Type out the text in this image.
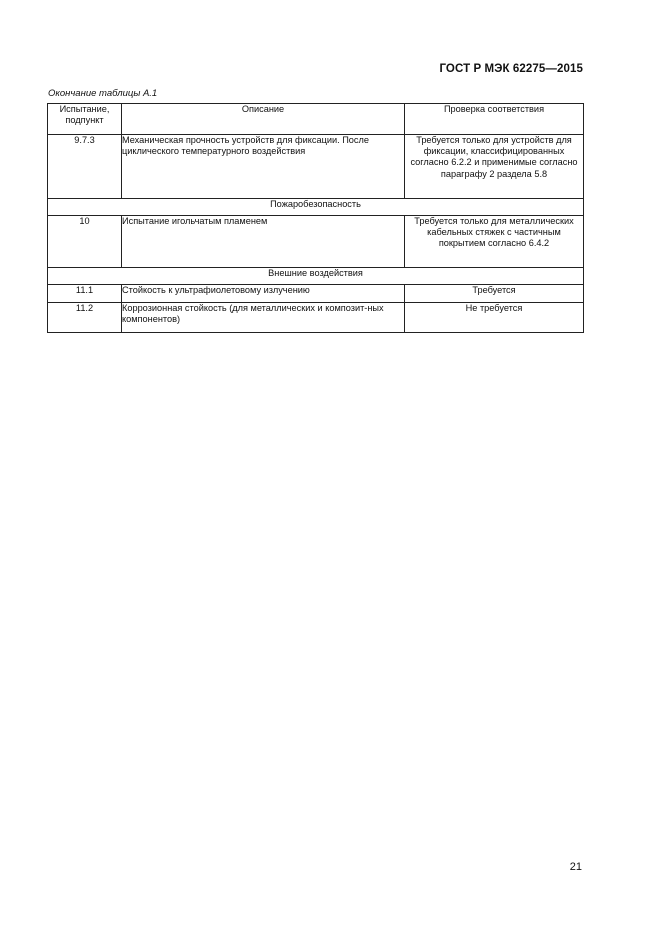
ГОСТ Р МЭК 62275—2015
Окончание таблицы А.1
Испытание, подпункт	Описание	Проверка соответствия
9.7.3	Механическая прочность устройств для фиксации. После циклического температурного воздействия	Требуется только для устройств для фиксации, классифицированных согласно 6.2.2 и применимые согласно параграфу 2 раздела 5.8
Пожаробезопасность		
10	Испытание игольчатым пламенем	Требуется только для металлических кабельных стяжек с частичным покрытием согласно 6.4.2
Внешние воздействия		
11.1	Стойкость к ультрафиолетовому излучению	Требуется
11.2	Коррозионная стойкость (для металлических и композит-ных компонентов)	Не требуется
21
